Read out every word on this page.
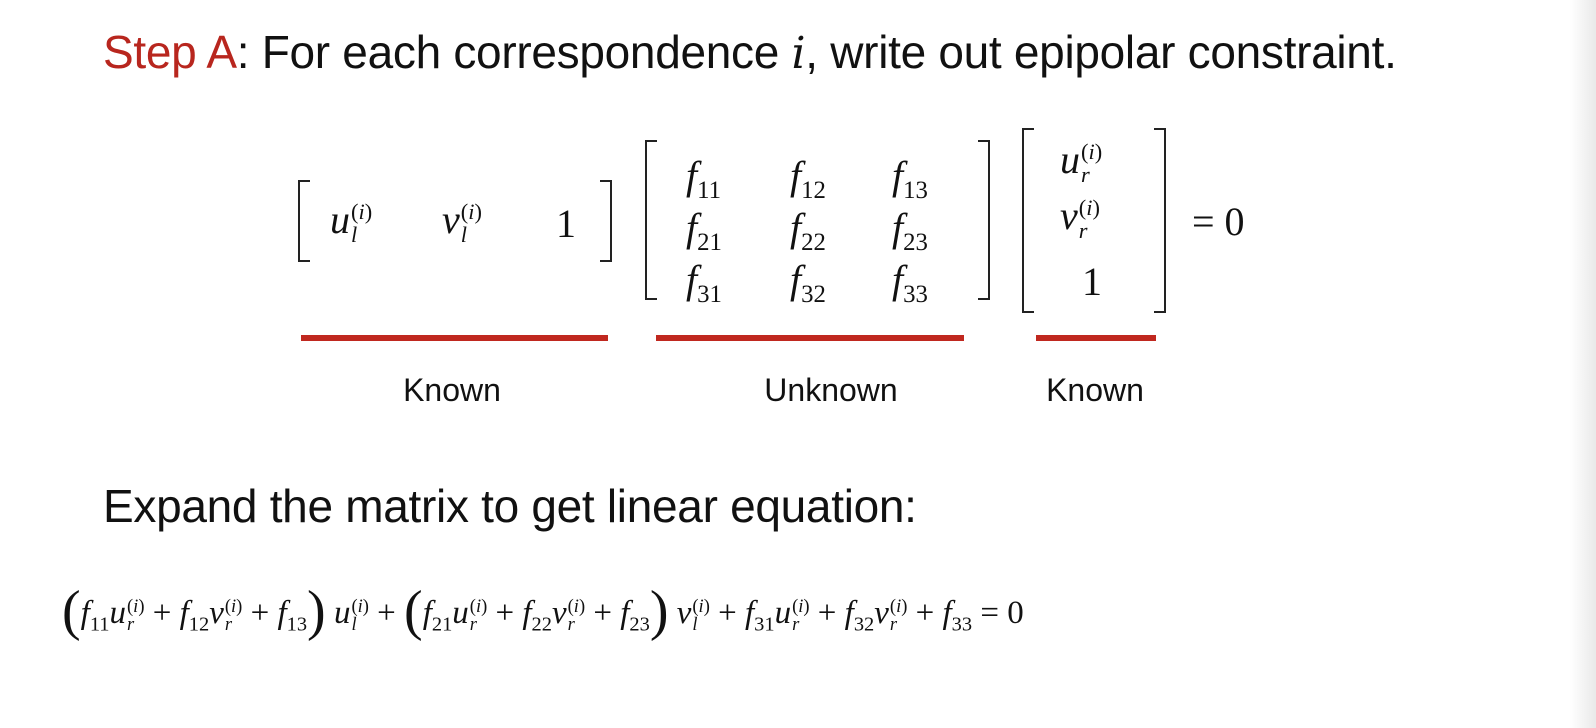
Step A: For each correspondence i, write out epipolar constraint.
u (i)
l	v (i)
l	1
$f_{11}$ $f_{12}$ $f_{13}$
$f_{21}$ $f_{22}$ $f_{23}$
$f_{31}$ $f_{32}$ $f_{33}$
u (i)
r
v (i)
r
1
= 0
Known	Unknown	Known
Expand the matrix to get linear equation:
($f_{11}u$ (i)
$r + f_{12}v$ (i)
$r + f_{13}$) u (i)
$l + (f_{21}u$ (i)
$r + f_{22}v$ (i)
$r + f_{23}$) v (i)
$l + f_{31}u$ (i)
$r + f_{32}v$ (i)
$r + f_{33} = 0$
